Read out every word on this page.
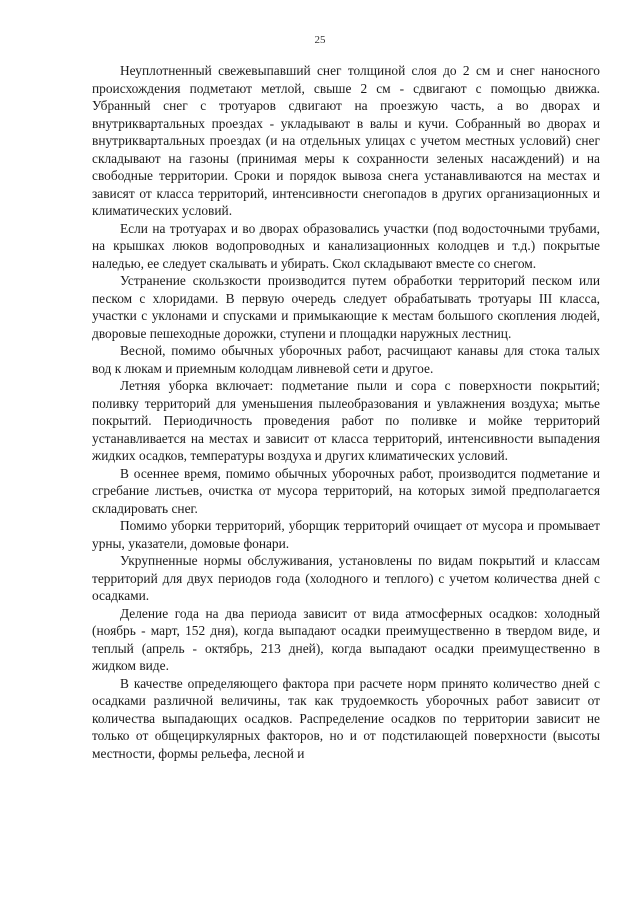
25

Неуплотненный свежевыпавший снег толщиной слоя до 2 см и снег наносного происхождения подметают метлой, свыше 2 см - сдвигают с помощью движка. Убранный снег с тротуаров сдвигают на проезжую часть, а во дворах и внутриквартальных проездах - укладывают в валы и кучи. Собранный во дворах и внутриквартальных проездах (и на отдельных улицах с учетом местных условий) снег складывают на газоны (принимая меры к сохранности зеленых насаждений) и на свободные территории. Сроки и порядок вывоза снега устанавливаются на местах и зависят от класса территорий, интенсивности снегопадов в других организационных и климатических условий.

Если на тротуарах и во дворах образовались участки (под водосточными трубами, на крышках люков водопроводных и канализационных колодцев и т.д.) покрытые наледью, ее следует скалывать и убирать. Скол складывают вместе со снегом.

Устранение скользкости производится путем обработки территорий песком или песком с хлоридами. В первую очередь следует обрабатывать тротуары III класса, участки с уклонами и спусками и примыкающие к местам большого скопления людей, дворовые пешеходные дорожки, ступени и площадки наружных лестниц.

Весной, помимо обычных уборочных работ, расчищают канавы для стока талых вод к люкам и приемным колодцам ливневой сети и другое.

Летняя уборка включает: подметание пыли и сора с поверхности покрытий; поливку территорий для уменьшения пылеобразования и увлажнения воздуха; мытье покрытий. Периодичность проведения работ по поливке и мойке территорий устанавливается на местах и зависит от класса территорий, интенсивности выпадения жидких осадков, температуры воздуха и других климатических условий.

В осеннее время, помимо обычных уборочных работ, производится подметание и сгребание листьев, очистка от мусора территорий, на которых зимой предполагается складировать снег.

Помимо уборки территорий, уборщик территорий очищает от мусора и промывает урны, указатели, домовые фонари.

Укрупненные нормы обслуживания, установлены по видам покрытий и классам территорий для двух периодов года (холодного и теплого) с учетом количества дней с осадками.

Деление года на два периода зависит от вида атмосферных осадков: холодный (ноябрь - март, 152 дня), когда выпадают осадки преимущественно в твердом виде, и теплый (апрель - октябрь, 213 дней), когда выпадают осадки преимущественно в жидком виде.

В качестве определяющего фактора при расчете норм принято количество дней с осадками различной величины, так как трудоемкость уборочных работ зависит от количества выпадающих осадков. Распределение осадков по территории зависит не только от общециркулярных факторов, но и от подстилающей поверхности (высоты местности, формы рельефа, лесной и
